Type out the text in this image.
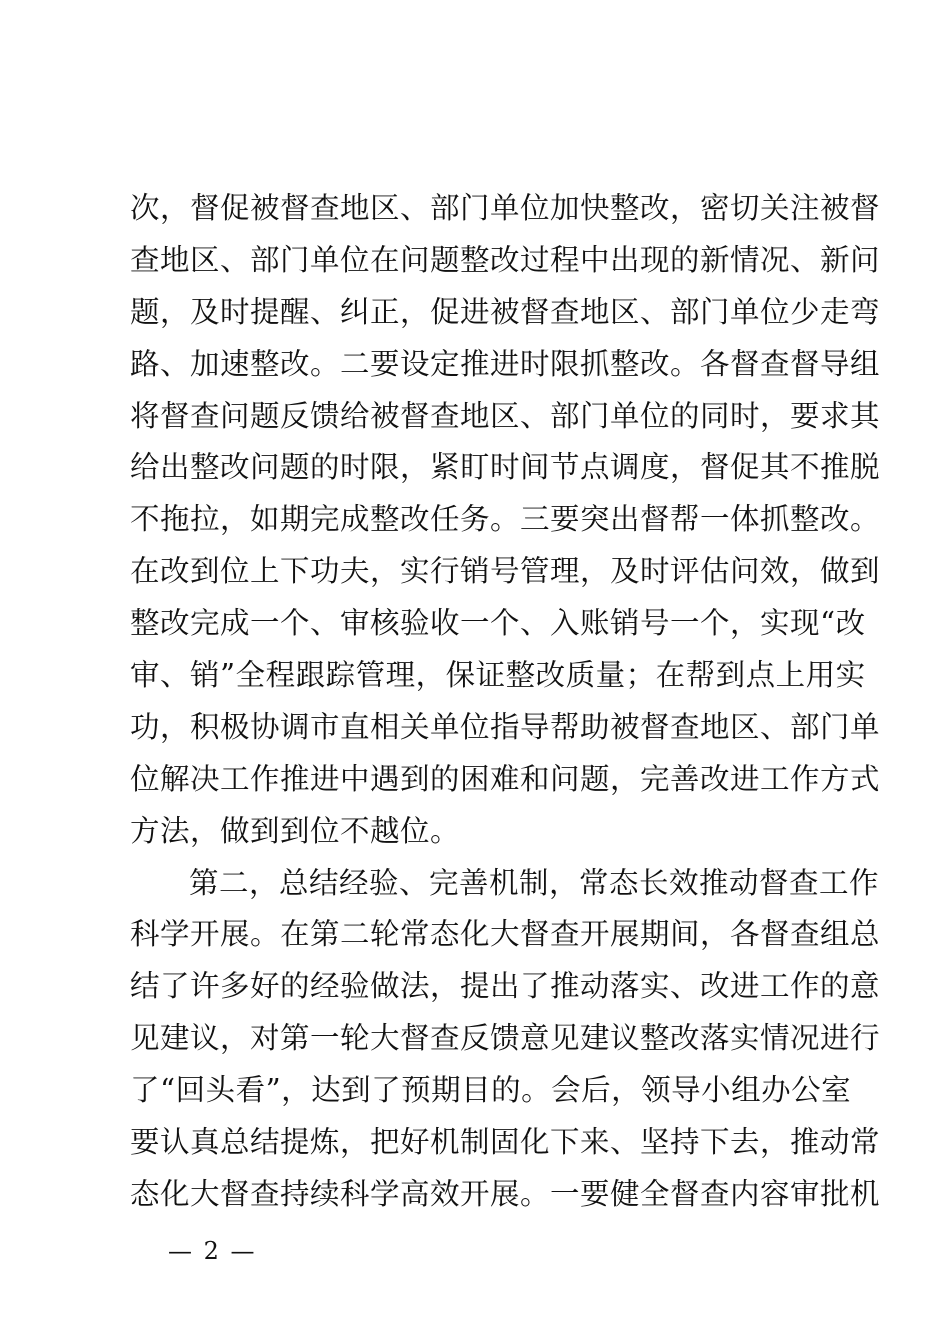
次，督促被督查地区、部门单位加快整改，密切关注被督
查地区、部门单位在问题整改过程中出现的新情况、新问
题，及时提醒、纠正，促进被督查地区、部门单位少走弯
路、加速整改。二要设定推进时限抓整改。各督查督导组
将督查问题反馈给被督查地区、部门单位的同时，要求其
给出整改问题的时限，紧盯时间节点调度，督促其不推脱
不拖拉，如期完成整改任务。三要突出督帮一体抓整改。
在改到位上下功夫，实行销号管理，及时评估问效，做到
整改完成一个、审核验收一个、入账销号一个，实现“改
审、销”全程跟踪管理，保证整改质量；在帮到点上用实
功，积极协调市直相关单位指导帮助被督查地区、部门单
位解决工作推进中遇到的困难和问题，完善改进工作方式
方法，做到到位不越位。
第二，总结经验、完善机制，常态长效推动督查工作
科学开展。在第二轮常态化大督查开展期间，各督查组总
结了许多好的经验做法，提出了推动落实、改进工作的意
见建议，对第一轮大督查反馈意见建议整改落实情况进行
了“回头看”，达到了预期目的。会后，领导小组办公室
要认真总结提炼，把好机制固化下来、坚持下去，推动常
态化大督查持续科学高效开展。一要健全督查内容审批机
— 2 —
